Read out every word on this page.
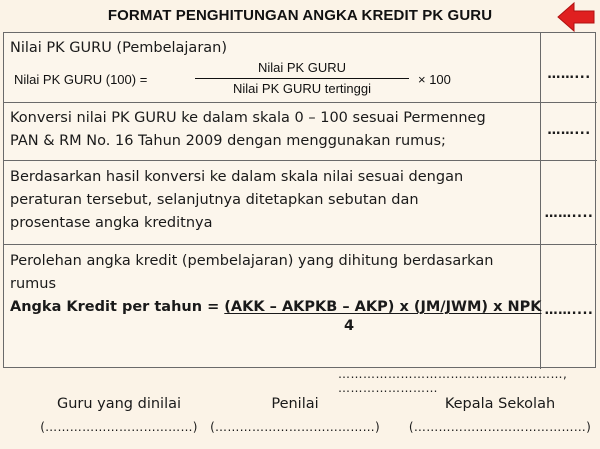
FORMAT PENGHITUNGAN ANGKA KREDIT PK GURU
Nilai PK GURU (Pembelajaran)
Nilai PK GURU (100) =
Nilai PK GURU
Nilai PK GURU tertinggi
× 100	……...
Konversi nilai PK GURU ke dalam skala 0 – 100 sesuai Permenneg
PAN & RM No. 16 Tahun 2009 dengan menggunakan rumus;
……...
Berdasarkan hasil konversi ke dalam skala nilai sesuai dengan
peraturan tersebut, selanjutnya ditetapkan sebutan dan
prosentase angka kreditnya
……....
Perolehan angka kredit (pembelajaran) yang dihitung berdasarkan
rumus
Angka Kredit per tahun = (AKK – AKPKB – AKP) x (JM/JWM) x NPK
4
……....
………………………………………………, ……………………
Guru yang dinilai
(………………………………)
Penilai
(…………………………………)
Kepala Sekolah
(……………………………………)
